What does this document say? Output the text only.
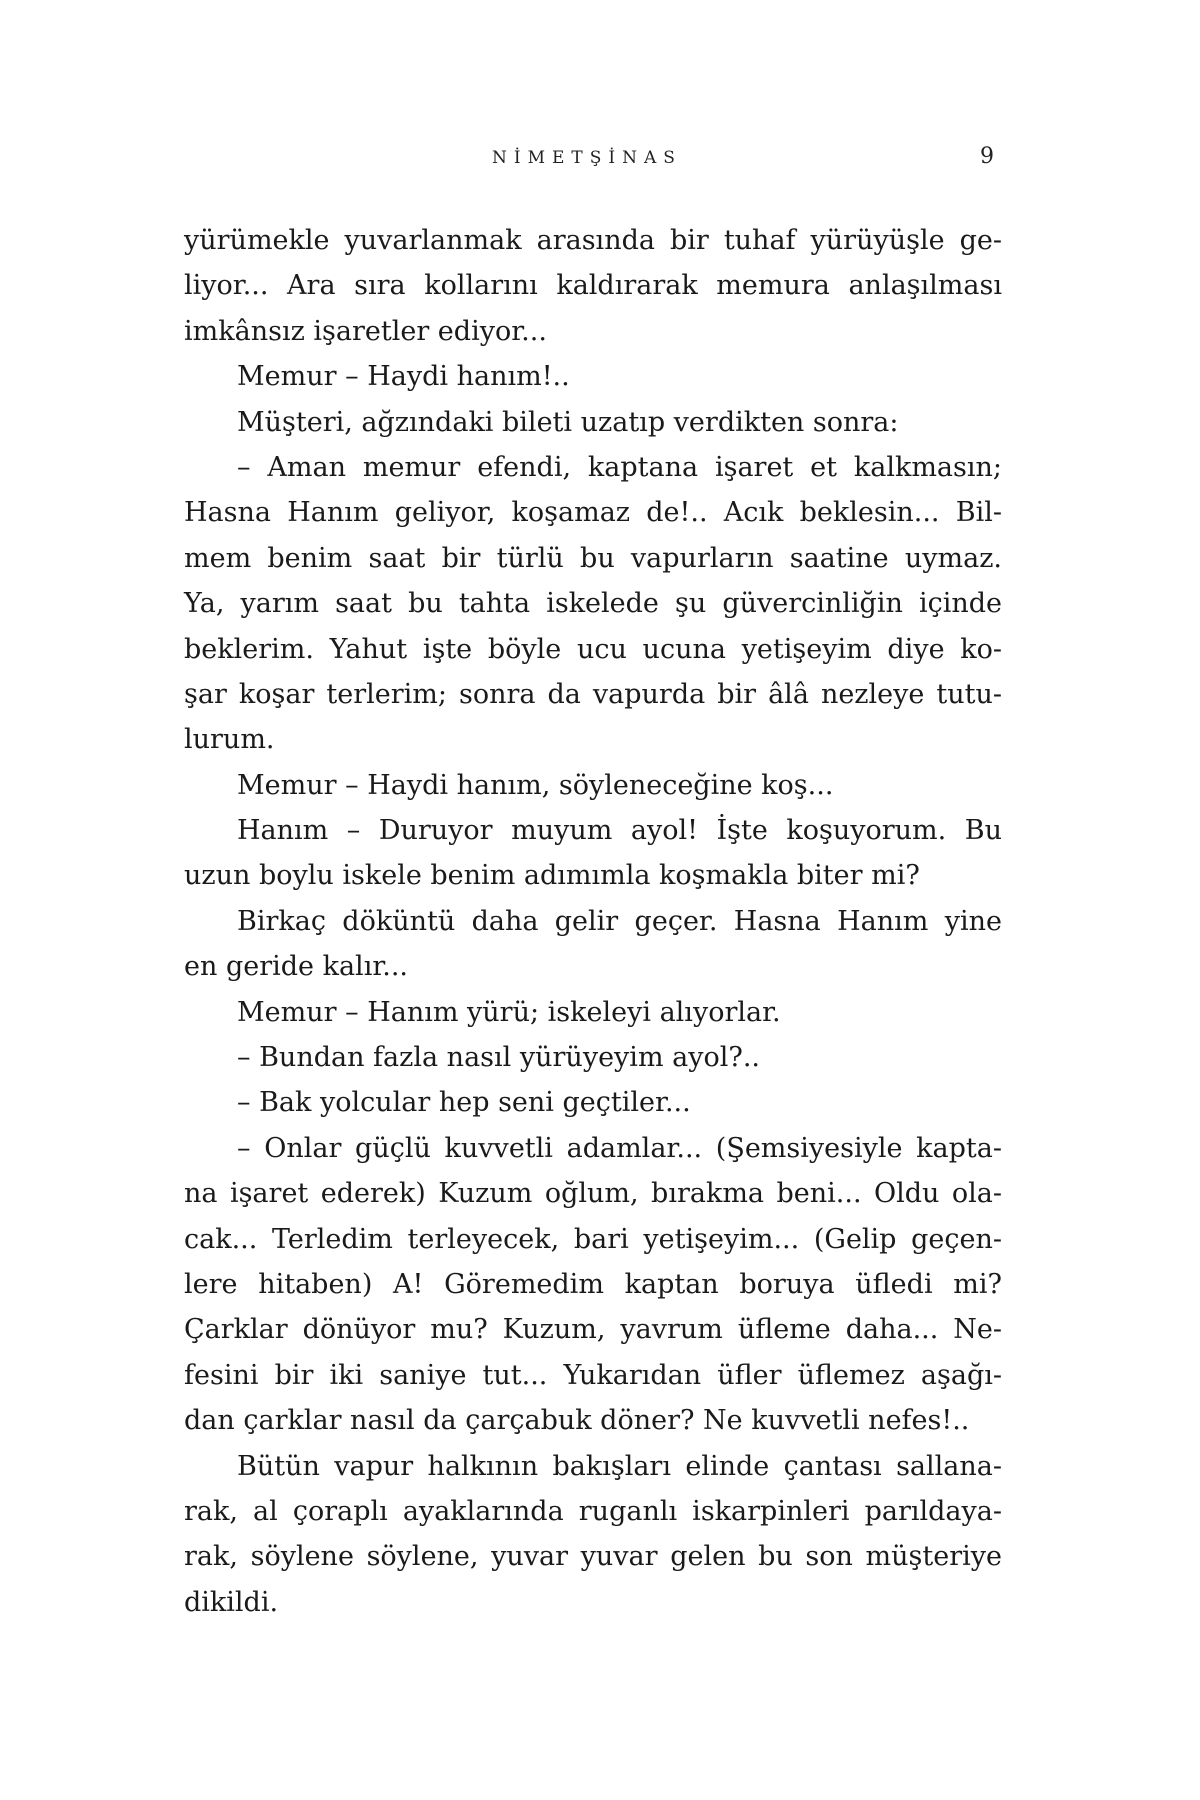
NİMETŞİNAS	9
yürümekle yuvarlanmak arasında bir tuhaf yürüyüşle ge-
liyor... Ara sıra kollarını kaldırarak memura anlaşılması
imkânsız işaretler ediyor...
Memur – Haydi hanım!..
Müşteri, ağzındaki bileti uzatıp verdikten sonra:
– Aman memur efendi, kaptana işaret et kalkmasın;
Hasna Hanım geliyor, koşamaz de!.. Acık beklesin... Bil-
mem benim saat bir türlü bu vapurların saatine uymaz.
Ya, yarım saat bu tahta iskelede şu güvercinliğin içinde
beklerim. Yahut işte böyle ucu ucuna yetişeyim diye ko-
şar koşar terlerim; sonra da vapurda bir âlâ nezleye tutu-
lurum.
Memur – Haydi hanım, söyleneceğine koş...
Hanım – Duruyor muyum ayol! İşte koşuyorum. Bu
uzun boylu iskele benim adımımla koşmakla biter mi?
Birkaç döküntü daha gelir geçer. Hasna Hanım yine
en geride kalır...
Memur – Hanım yürü; iskeleyi alıyorlar.
– Bundan fazla nasıl yürüyeyim ayol?..
– Bak yolcular hep seni geçtiler...
– Onlar güçlü kuvvetli adamlar... (Şemsiyesiyle kapta-
na işaret ederek) Kuzum oğlum, bırakma beni... Oldu ola-
cak... Terledim terleyecek, bari yetişeyim... (Gelip geçen-
lere hitaben) A! Göremedim kaptan boruya üfledi mi?
Çarklar dönüyor mu? Kuzum, yavrum üfleme daha... Ne-
fesini bir iki saniye tut... Yukarıdan üfler üflemez aşağı-
dan çarklar nasıl da çarçabuk döner? Ne kuvvetli nefes!..
Bütün vapur halkının bakışları elinde çantası sallana-
rak, al çoraplı ayaklarında ruganlı iskarpinleri parıldaya-
rak, söylene söylene, yuvar yuvar gelen bu son müşteriye
dikildi.
